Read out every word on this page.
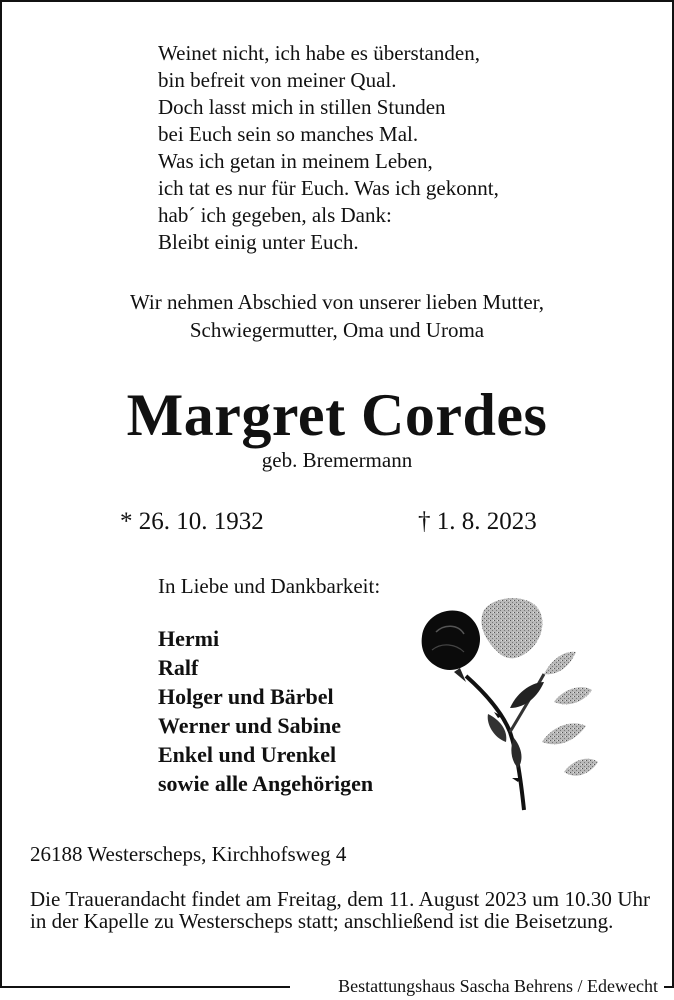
Weinet nicht, ich habe es überstanden,
bin befreit von meiner Qual.
Doch lasst mich in stillen Stunden
bei Euch sein so manches Mal.
Was ich getan in meinem Leben,
ich tat es nur für Euch. Was ich gekonnt,
hab´ ich gegeben, als Dank:
Bleibt einig unter Euch.
Wir nehmen Abschied von unserer lieben Mutter,
Schwiegermutter, Oma und Uroma
Margret Cordes
geb. Bremermann
* 26. 10. 1932	† 1. 8. 2023
In Liebe und Dankbarkeit:
Hermi
Ralf
Holger und Bärbel
Werner und Sabine
Enkel und Urenkel
sowie alle Angehörigen
26188 Westerscheps, Kirchhofsweg 4
Die Trauerandacht findet am Freitag, dem 11. August 2023 um 10.30 Uhr in der Kapelle zu Westerscheps statt; anschließend ist die Beisetzung.
Bestattungshaus Sascha Behrens / Edewecht
